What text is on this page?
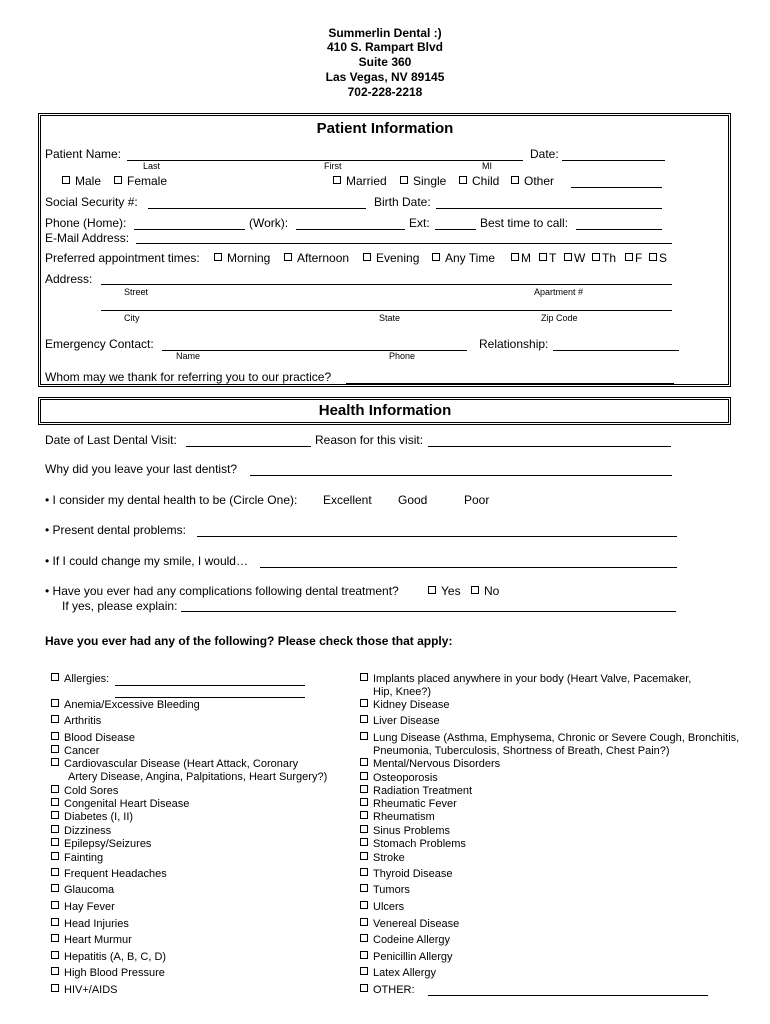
Summerlin Dental :)
410 S. Rampart Blvd
Suite 360
Las Vegas, NV 89145
702-228-2218
Patient Information
Patient Name:	Date:
Last	First	MI
Male	Female	Married	Single	Child	Other
Social Security #:	Birth Date:
Phone (Home):	(Work):	Ext:	Best time to call:
E-Mail Address:
Preferred appointment times:	Morning	Afternoon	Evening	Any Time	M	T	W	Th	F	S
Address:
Street	Apartment #
City	State	Zip Code
Emergency Contact:	Relationship:
Name	Phone
Whom may we thank for referring you to our practice?
Health Information
Date of Last Dental Visit:	Reason for this visit:
Why did you leave your last dentist?
• I consider my dental health to be (Circle One): Excellent Good	Poor
• Present dental problems:
• If I could change my smile, I would…
• Have you ever had any complications following dental treatment?	Yes	No
If yes, please explain:
Have you ever had any of the following? Please check those that apply:
Allergies:
Anemia/Excessive Bleeding
Arthritis
Blood Disease
Cancer
Cardiovascular Disease (Heart Attack, Coronary
Cold Sores
Congenital Heart Disease
Diabetes (I, II)
Dizziness
Epilepsy/Seizures
Fainting
Frequent Headaches
Glaucoma
Hay Fever
Head Injuries
Heart Murmur
Hepatitis (A, B, C, D)
High Blood Pressure
HIV+/AIDS
Artery Disease, Angina, Palpitations, Heart Surgery?)
Implants placed anywhere in your body (Heart Valve, Pacemaker,
Kidney Disease
Liver Disease
Lung Disease (Asthma, Emphysema, Chronic or Severe Cough, Bronchitis,
Mental/Nervous Disorders
Osteoporosis
Radiation Treatment
Rheumatic Fever
Rheumatism
Sinus Problems
Stomach Problems
Stroke
Thyroid Disease
Tumors
Ulcers
Venereal Disease
Codeine Allergy
Penicillin Allergy
Latex Allergy
OTHER:
Hip, Knee?)
Pneumonia, Tuberculosis, Shortness of Breath, Chest Pain?)
